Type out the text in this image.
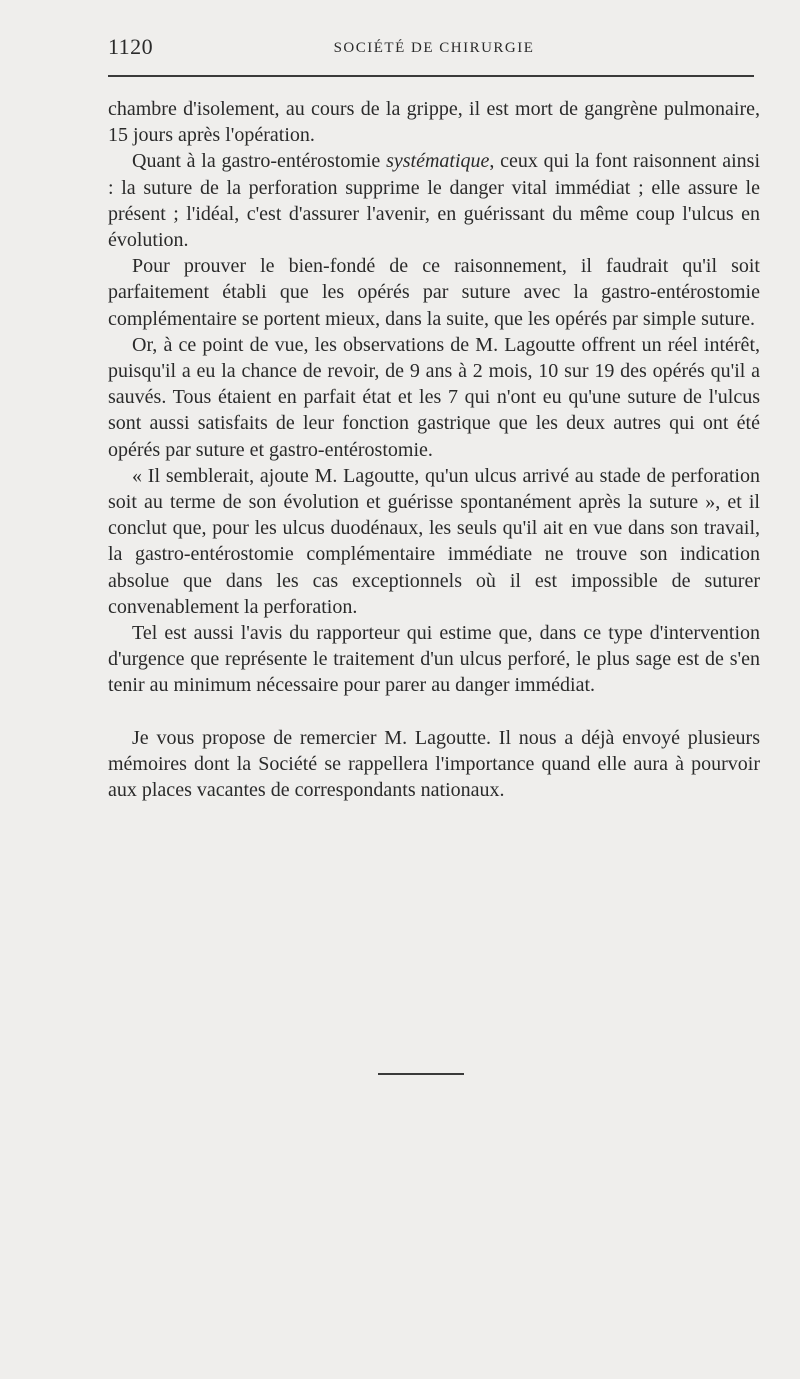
1120	SOCIÉTÉ DE CHIRURGIE

chambre d'isolement, au cours de la grippe, il est mort de gangrène pulmonaire, 15 jours après l'opération.

Quant à la gastro-entérostomie systématique, ceux qui la font raisonnent ainsi : la suture de la perforation supprime le danger vital immédiat ; elle assure le présent ; l'idéal, c'est d'assurer l'avenir, en guérissant du même coup l'ulcus en évolution.

Pour prouver le bien-fondé de ce raisonnement, il faudrait qu'il soit parfaitement établi que les opérés par suture avec la gastro-entérostomie complémentaire se portent mieux, dans la suite, que les opérés par simple suture.

Or, à ce point de vue, les observations de M. Lagoutte offrent un réel intérêt, puisqu'il a eu la chance de revoir, de 9 ans à 2 mois, 10 sur 19 des opérés qu'il a sauvés. Tous étaient en parfait état et les 7 qui n'ont eu qu'une suture de l'ulcus sont aussi satisfaits de leur fonction gastrique que les deux autres qui ont été opérés par suture et gastro-entérostomie.

« Il semblerait, ajoute M. Lagoutte, qu'un ulcus arrivé au stade de perforation soit au terme de son évolution et guérisse spontanément après la suture », et il conclut que, pour les ulcus duodénaux, les seuls qu'il ait en vue dans son travail, la gastro-entérostomie complémentaire immédiate ne trouve son indication absolue que dans les cas exceptionnels où il est impossible de suturer convenablement la perforation.

Tel est aussi l'avis du rapporteur qui estime que, dans ce type d'intervention d'urgence que représente le traitement d'un ulcus perforé, le plus sage est de s'en tenir au minimum nécessaire pour parer au danger immédiat.

Je vous propose de remercier M. Lagoutte. Il nous a déjà envoyé plusieurs mémoires dont la Société se rappellera l'importance quand elle aura à pourvoir aux places vacantes de correspondants nationaux.
